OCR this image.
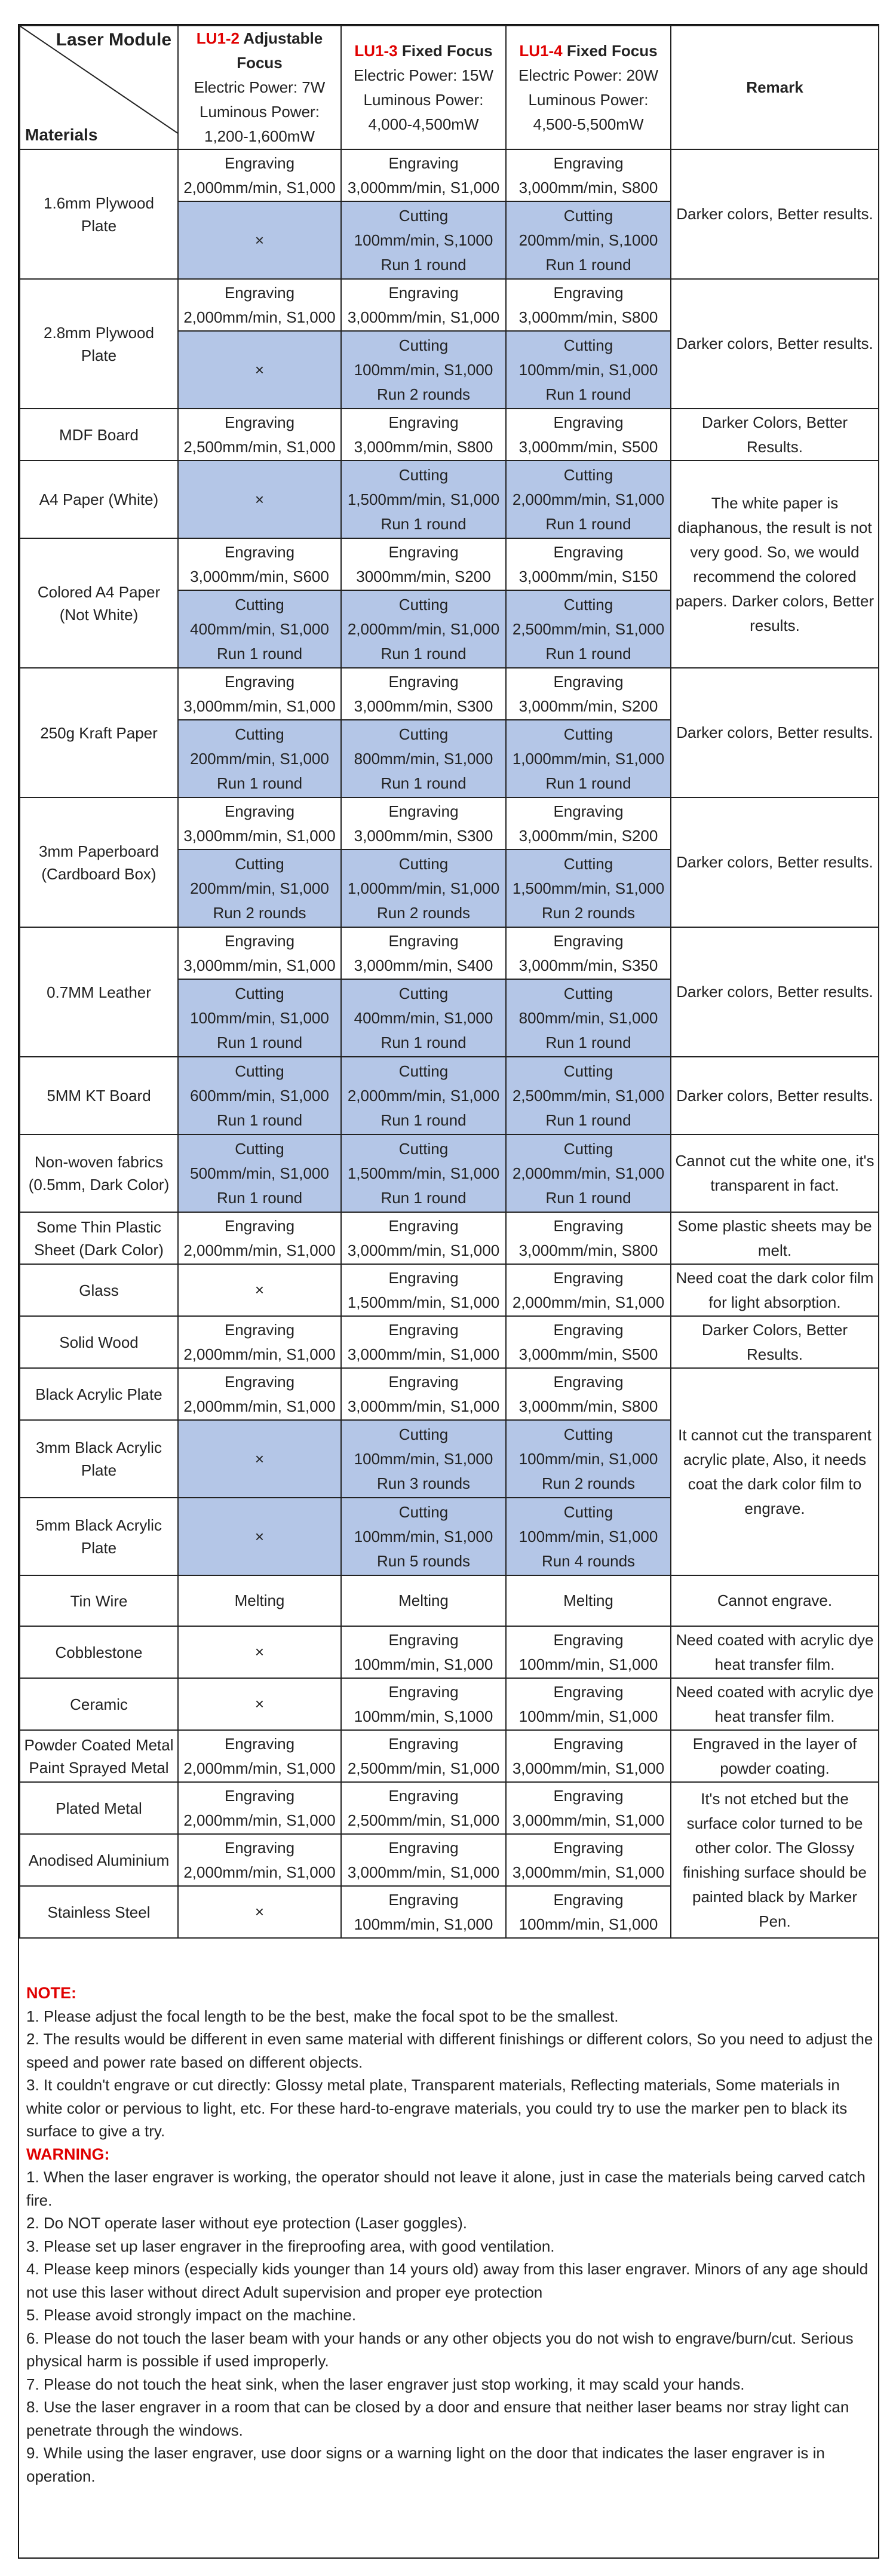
Laser Module
Materials	LU1-2 Adjustable Focus
Electric Power: 7W
Luminous Power:
1,200-1,600mW	LU1-3 Fixed Focus
Electric Power: 15W
Luminous Power:
4,000-4,500mW	LU1-4 Fixed Focus
Electric Power: 20W
Luminous Power:
4,500-5,500mW	Remark
1.6mm Plywood Plate	Engraving
2,000mm/min, S1,000	Engraving
3,000mm/min, S1,000	Engraving
3,000mm/min, S800	Darker colors, Better results.
	×	Cutting
100mm/min, S,1000
Run 1 round	Cutting
200mm/min, S,1000
Run 1 round	

2.8mm Plywood Plate	Engraving
2,000mm/min, S1,000	Engraving
3,000mm/min, S1,000	Engraving
3,000mm/min, S800	Darker colors, Better results.
	×	Cutting
100mm/min, S1,000
Run 2 rounds	Cutting
100mm/min, S1,000
Run 1 round	

MDF Board	Engraving
2,500mm/min, S1,000	Engraving
3,000mm/min, S800	Engraving
3,000mm/min, S500	Darker Colors, Better Results.
A4 Paper (White)	×	Cutting
1,500mm/min, S1,000
Run 1 round	Cutting
2,000mm/min, S1,000
Run 1 round	The white paper is diaphanous, the result is not very good. So, we would recommend the colored papers. Darker colors, Better results.
Colored A4 Paper (Not White)	Engraving
3,000mm/min, S600	Engraving
3000mm/min, S200	Engraving
3,000mm/min, S150	

	Cutting
400mm/min, S1,000
Run 1 round	Cutting
2,000mm/min, S1,000
Run 1 round	Cutting
2,500mm/min, S1,000
Run 1 round	

250g Kraft Paper	Engraving
3,000mm/min, S1,000	Engraving
3,000mm/min, S300	Engraving
3,000mm/min, S200	Darker colors, Better results.

	Cutting
200mm/min, S1,000
Run 1 round	Cutting
800mm/min, S1,000
Run 1 round	Cutting
1,000mm/min, S1,000
Run 1 round	

3mm Paperboard (Cardboard Box)	Engraving
3,000mm/min, S1,000	Engraving
3,000mm/min, S300	Engraving
3,000mm/min, S200	Darker colors, Better results.

	Cutting
200mm/min, S1,000
Run 2 rounds	Cutting
1,000mm/min, S1,000
Run 2 rounds	Cutting
1,500mm/min, S1,000
Run 2 rounds	

0.7MM Leather	Engraving
3,000mm/min, S1,000	Engraving
3,000mm/min, S400	Engraving
3,000mm/min, S350	Darker colors, Better results.

	Cutting
100mm/min, S1,000
Run 1 round	Cutting
400mm/min, S1,000
Run 1 round	Cutting
800mm/min, S1,000
Run 1 round	

5MM KT Board	Cutting
600mm/min, S1,000
Run 1 round	Cutting
2,000mm/min, S1,000
Run 1 round	Cutting
2,500mm/min, S1,000
Run 1 round	Darker colors, Better results.
Non-woven fabrics (0.5mm, Dark Color)	Cutting
500mm/min, S1,000
Run 1 round	Cutting
1,500mm/min, S1,000
Run 1 round	Cutting
2,000mm/min, S1,000
Run 1 round	Cannot cut the white one, it's transparent in fact.
Some Thin Plastic Sheet (Dark Color)	Engraving
2,000mm/min, S1,000	Engraving
3,000mm/min, S1,000	Engraving
3,000mm/min, S800	Some plastic sheets may be melt.
Glass	×	Engraving
1,500mm/min, S1,000	Engraving
2,000mm/min, S1,000	Need coat the dark color film for light absorption.
Solid Wood	Engraving
2,000mm/min, S1,000	Engraving
3,000mm/min, S1,000	Engraving
3,000mm/min, S500	Darker Colors, Better Results.
Black Acrylic Plate	Engraving
2,000mm/min, S1,000	Engraving
3,000mm/min, S1,000	Engraving
3,000mm/min, S800	It cannot cut the transparent acrylic plate, Also, it needs coat the dark color film to engrave.
3mm Black Acrylic Plate	×	Cutting
100mm/min, S1,000
Run 3 rounds	Cutting
100mm/min, S1,000
Run 2 rounds	

5mm Black Acrylic Plate	×	Cutting
100mm/min, S1,000
Run 5 rounds	Cutting
100mm/min, S1,000
Run 4 rounds	

Tin Wire	Melting	Melting	Melting	Cannot engrave.
Cobblestone	×	Engraving
100mm/min, S1,000	Engraving
100mm/min, S1,000	Need coated with acrylic dye heat transfer film.
Ceramic	×	Engraving
100mm/min, S,1000	Engraving
100mm/min, S1,000	Need coated with acrylic dye heat transfer film.

Powder Coated Metal
Paint Sprayed Metal	Engraving
2,000mm/min, S1,000	Engraving
2,500mm/min, S1,000	Engraving
3,000mm/min, S1,000	Engraved in the layer of powder coating.
Plated Metal	Engraving
2,000mm/min, S1,000	Engraving
2,500mm/min, S1,000	Engraving
3,000mm/min, S1,000	It's not etched but the surface color turned to be other color. The Glossy finishing surface should be painted black by Marker Pen.
Anodised Aluminium	Engraving
2,000mm/min, S1,000	Engraving
3,000mm/min, S1,000	Engraving
3,000mm/min, S1,000	

Stainless Steel	×	Engraving
100mm/min, S1,000	Engraving
100mm/min, S1,000	
NOTE:
1. Please adjust the focal length to be the best, make the focal spot to be the smallest.
2. The results would be different in even same material with different finishings or different colors, So you need to adjust the speed and power rate based on different objects.
3. It couldn't engrave or cut directly: Glossy metal plate, Transparent materials, Reflecting materials, Some materials in white color or pervious to light, etc. For these hard-to-engrave materials, you could try to use the marker pen to black its surface to give a try.
WARNING:
1. When the laser engraver is working, the operator should not leave it alone, just in case the materials being carved catch fire.
2. Do NOT operate laser without eye protection (Laser goggles).
3. Please set up laser engraver in the fireproofing area, with good ventilation.
4. Please keep minors (especially kids younger than 14 yours old) away from this laser engraver. Minors of any age should not use this laser without direct Adult supervision and proper eye protection
5. Please avoid strongly impact on the machine.
6. Please do not touch the laser beam with your hands or any other objects you do not wish to engrave/burn/cut. Serious physical harm is possible if used improperly.
7. Please do not touch the heat sink, when the laser engraver just stop working, it may scald your hands.
8. Use the laser engraver in a room that can be closed by a door and ensure that neither laser beams nor stray light can penetrate through the windows.
9. While using the laser engraver, use door signs or a warning light on the door that indicates the laser engraver is in operation.
